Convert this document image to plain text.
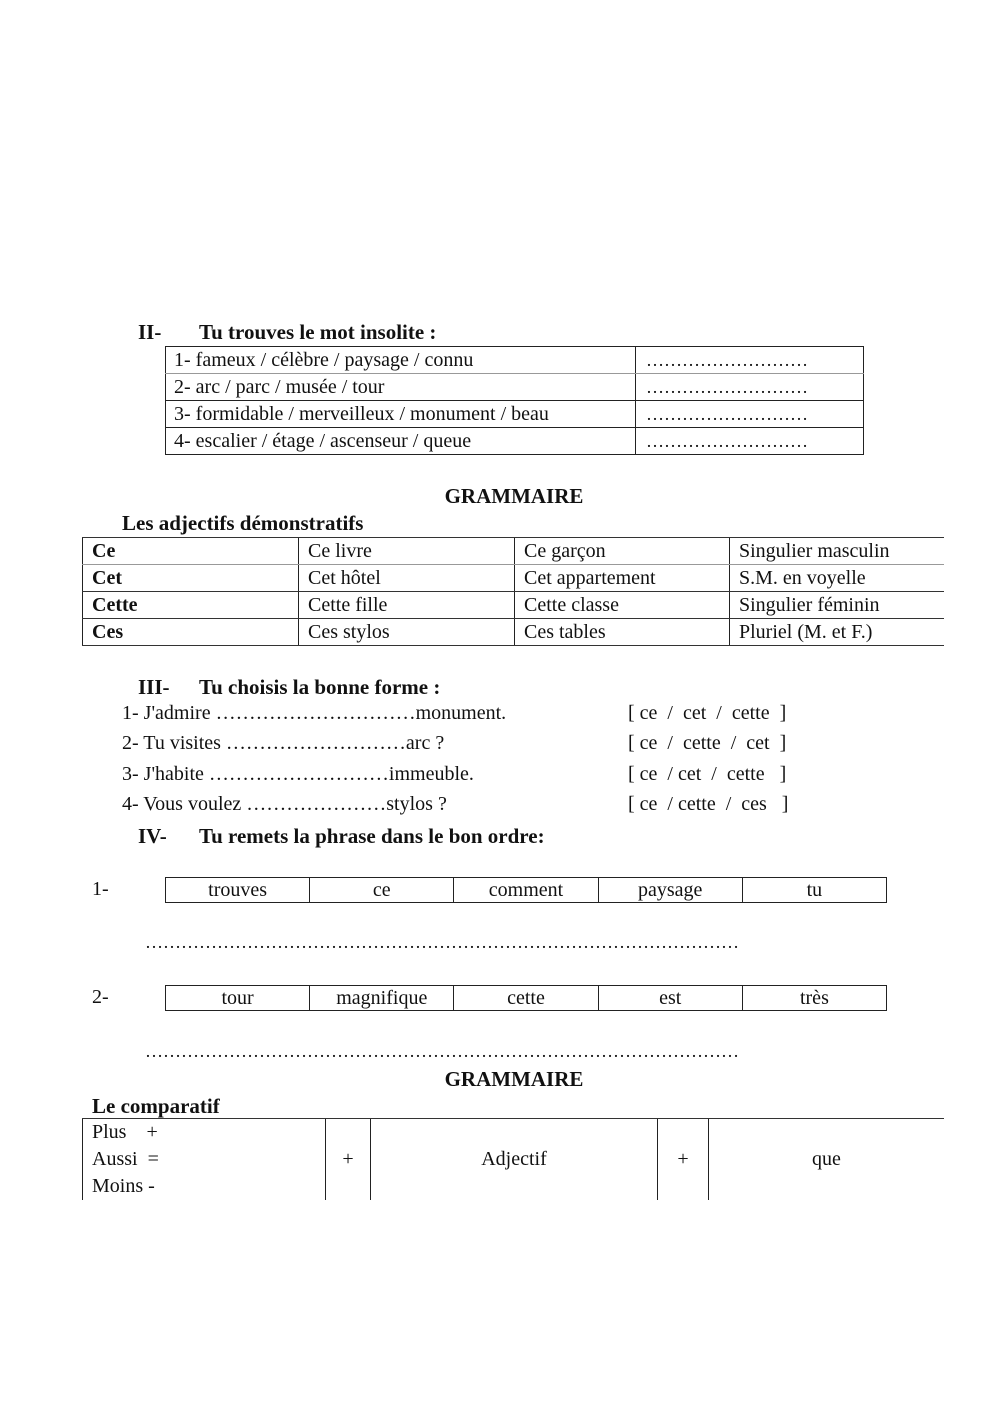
II- Tu trouves le mot insolite :
1- fameux / célèbre / paysage / connu	………………………
2- arc / parc / musée / tour	………………………
3- formidable / merveilleux / monument / beau	………………………
4- escalier / étage / ascenseur / queue	………………………
GRAMMAIRE
Les adjectifs démonstratifs
Ce	Ce livre	Ce garçon	Singulier masculin
Cet	Cet hôtel	Cet appartement	S.M. en voyelle
Cette	Cette fille	Cette classe	Singulier féminin
Ces	Ces stylos	Ces tables	Pluriel (M. et F.)
III- Tu choisis la bonne forme :
1- J'admire …………………………monument.	[ ce  /  cet  /  cette  ]
2- Tu visites ………………………arc ?	[ ce  /  cette  /  cet  ]
3- J'habite ………………………immeuble.	[ ce  / cet  /  cette   ]
4- Vous voulez …………………stylos ?	[ ce  / cette  /  ces   ]
IV- Tu remets la phrase dans le bon ordre:
1-	trouves	ce	comment	paysage	tu
………………………………………………………………………………………
2-	tour	magnifique	cette	est	très
………………………………………………………………………………………
GRAMMAIRE
Le comparatif
Plus    +
Aussi  =
Moins -
	+	Adjectif	+	que
